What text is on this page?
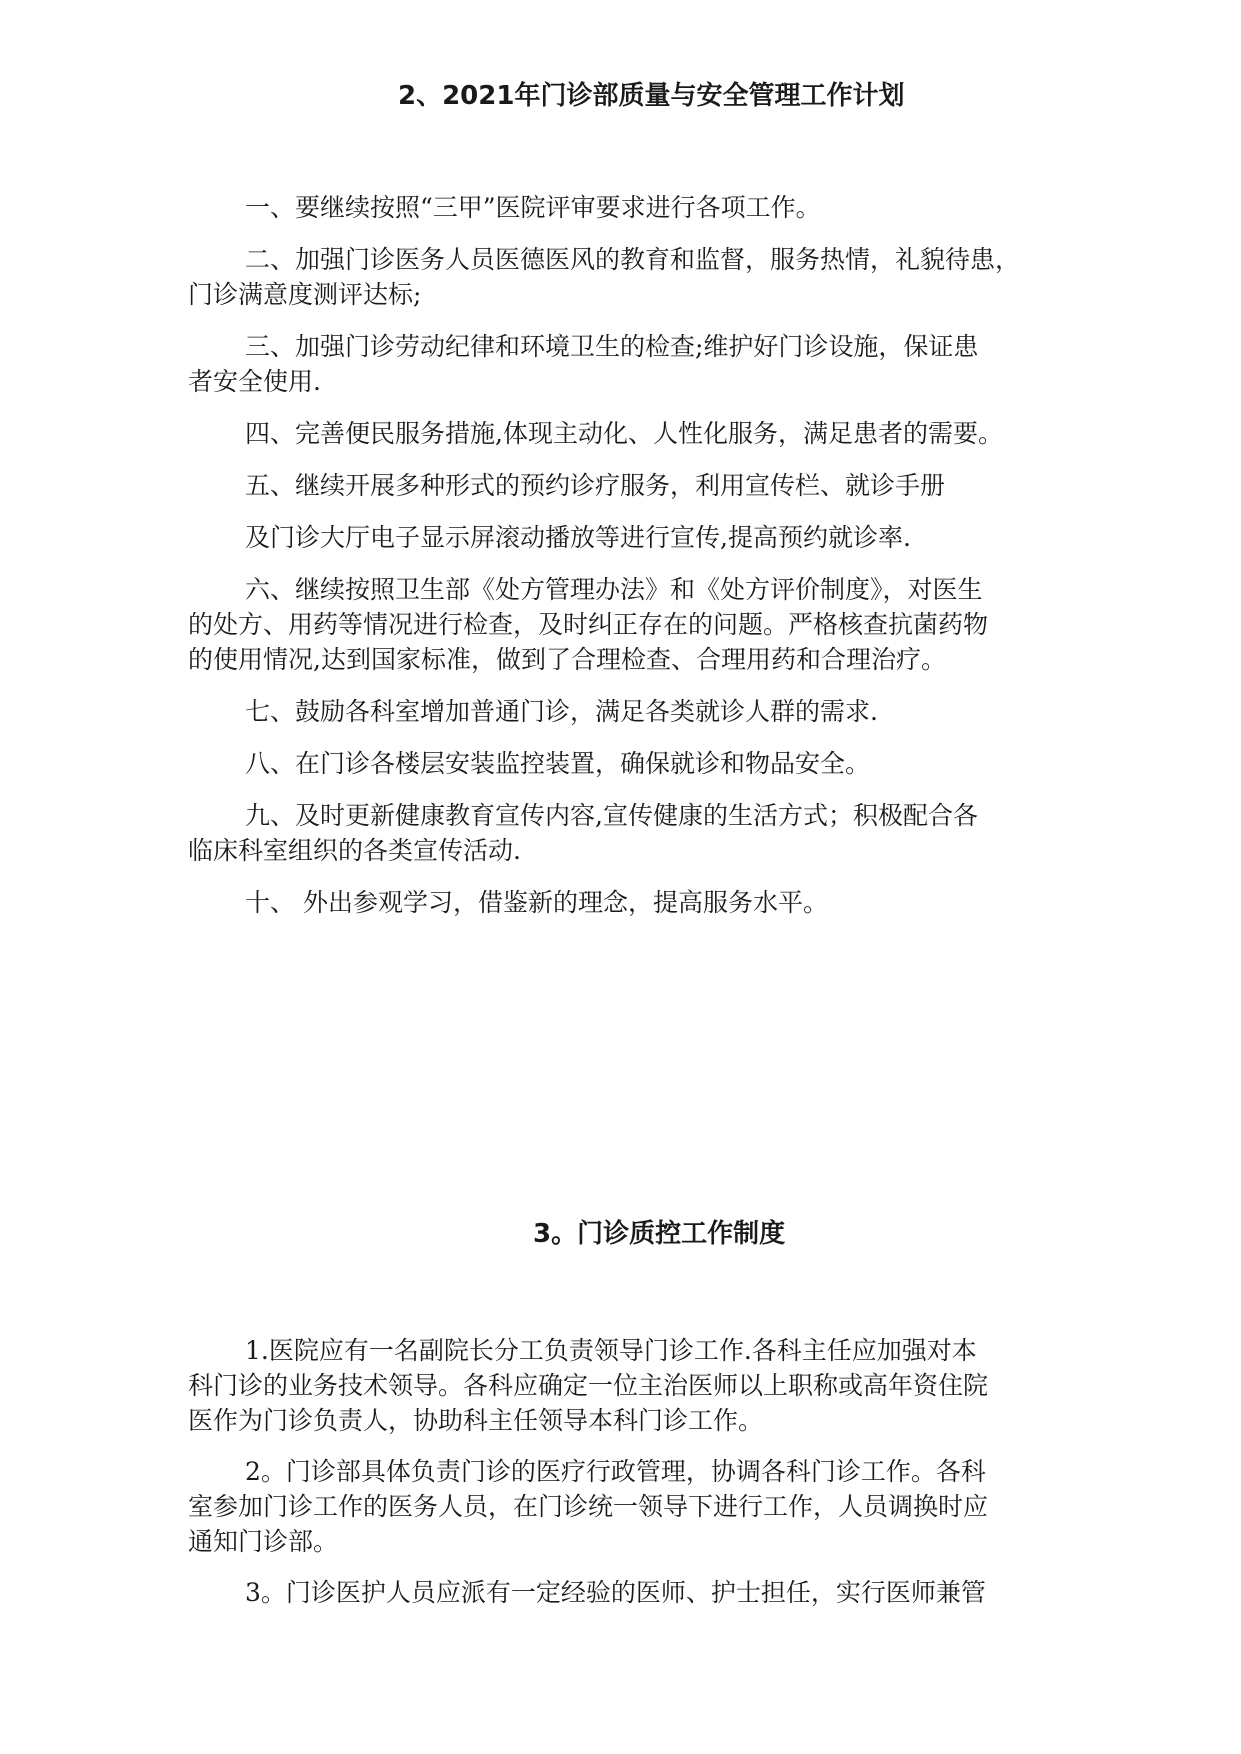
2、2021年门诊部质量与安全管理工作计划

一、要继续按照“三甲”医院评审要求进行各项工作。

二、加强门诊医务人员医德医风的教育和监督，服务热情，礼貌待患，
门诊满意度测评达标;

三、加强门诊劳动纪律和环境卫生的检查;维护好门诊设施，保证患
者安全使用.

四、完善便民服务措施,体现主动化、人性化服务，满足患者的需要。

五、继续开展多种形式的预约诊疗服务，利用宣传栏、就诊手册

及门诊大厅电子显示屏滚动播放等进行宣传,提高预约就诊率.

六、继续按照卫生部《处方管理办法》和《处方评价制度》，对医生
的处方、用药等情况进行检查，及时纠正存在的问题。严格核查抗菌药物
的使用情况,达到国家标准，做到了合理检查、合理用药和合理治疗。

七、鼓励各科室增加普通门诊，满足各类就诊人群的需求.

八、在门诊各楼层安装监控装置，确保就诊和物品安全。

九、及时更新健康教育宣传内容,宣传健康的生活方式；积极配合各
临床科室组织的各类宣传活动.

十、 外出参观学习，借鉴新的理念，提高服务水平。

3。门诊质控工作制度

1.医院应有一名副院长分工负责领导门诊工作.各科主任应加强对本
科门诊的业务技术领导。各科应确定一位主治医师以上职称或高年资住院
医作为门诊负责人，协助科主任领导本科门诊工作。

2。门诊部具体负责门诊的医疗行政管理，协调各科门诊工作。各科
室参加门诊工作的医务人员，在门诊统一领导下进行工作，人员调换时应
通知门诊部。

3。门诊医护人员应派有一定经验的医师、护士担任，实行医师兼管
